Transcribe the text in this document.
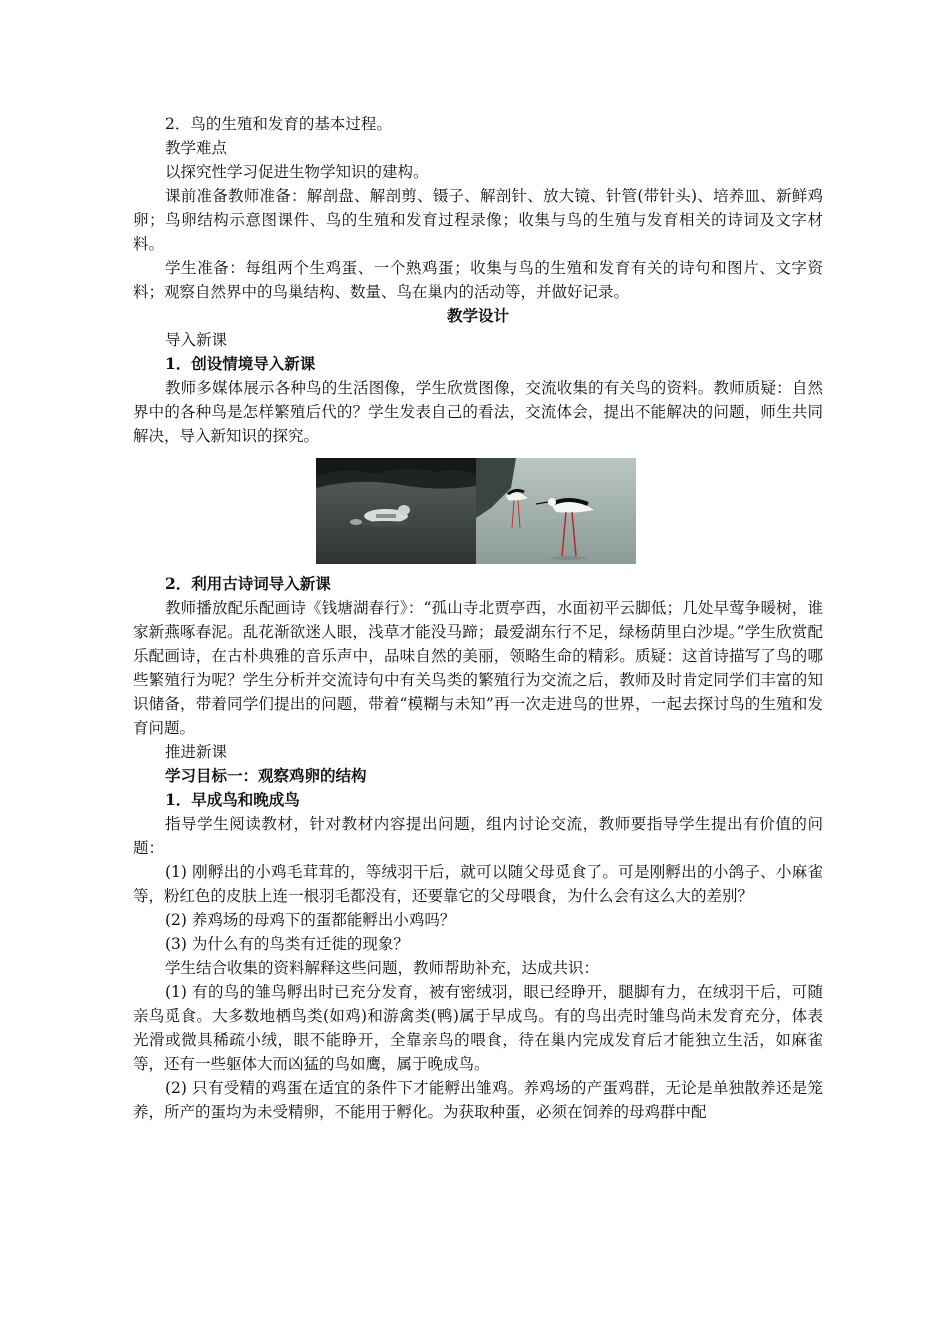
2．鸟的生殖和发育的基本过程。

教学难点

以探究性学习促进生物学知识的建构。

课前准备教师准备：解剖盘、解剖剪、镊子、解剖针、放大镜、针管(带针头)、培养皿、新鲜鸡卵；鸟卵结构示意图课件、鸟的生殖和发育过程录像；收集与鸟的生殖与发育相关的诗词及文字材料。

学生准备：每组两个生鸡蛋、一个熟鸡蛋；收集与鸟的生殖和发育有关的诗句和图片、文字资料；观察自然界中的鸟巢结构、数量、鸟在巢内的活动等，并做好记录。

教学设计

导入新课

1．创设情境导入新课

教师多媒体展示各种鸟的生活图像，学生欣赏图像，交流收集的有关鸟的资料。教师质疑：自然界中的各种鸟是怎样繁殖后代的？学生发表自己的看法，交流体会，提出不能解决的问题，师生共同解决，导入新知识的探究。

2．利用古诗词导入新课

教师播放配乐配画诗《钱塘湖春行》：“孤山寺北贾亭西，水面初平云脚低；几处早莺争暖树，谁家新燕啄春泥。乱花渐欲迷人眼，浅草才能没马蹄；最爱湖东行不足，绿杨荫里白沙堤。”学生欣赏配乐配画诗，在古朴典雅的音乐声中，品味自然的美丽，领略生命的精彩。质疑：这首诗描写了鸟的哪些繁殖行为呢？学生分析并交流诗句中有关鸟类的繁殖行为交流之后，教师及时肯定同学们丰富的知识储备，带着同学们提出的问题，带着“模糊与未知”再一次走进鸟的世界，一起去探讨鸟的生殖和发育问题。

推进新课

学习目标一：观察鸡卵的结构

1．早成鸟和晚成鸟

指导学生阅读教材，针对教材内容提出问题，组内讨论交流，教师要指导学生提出有价值的问题：

(1) 刚孵出的小鸡毛茸茸的，等绒羽干后，就可以随父母觅食了。可是刚孵出的小鸽子、小麻雀等，粉红色的皮肤上连一根羽毛都没有，还要靠它的父母喂食，为什么会有这么大的差别？

(2) 养鸡场的母鸡下的蛋都能孵出小鸡吗？

(3) 为什么有的鸟类有迁徙的现象？

学生结合收集的资料解释这些问题，教师帮助补充，达成共识：

(1) 有的鸟的雏鸟孵出时已充分发育，被有密绒羽，眼已经睁开，腿脚有力，在绒羽干后，可随亲鸟觅食。大多数地栖鸟类(如鸡)和游禽类(鸭)属于早成鸟。有的鸟出壳时雏鸟尚未发育充分，体表光滑或微具稀疏小绒，眼不能睁开，全靠亲鸟的喂食，待在巢内完成发育后才能独立生活，如麻雀等，还有一些躯体大而凶猛的鸟如鹰，属于晚成鸟。

(2) 只有受精的鸡蛋在适宜的条件下才能孵出雏鸡。养鸡场的产蛋鸡群，无论是单独散养还是笼养，所产的蛋均为未受精卵，不能用于孵化。为获取种蛋，必须在饲养的母鸡群中配
